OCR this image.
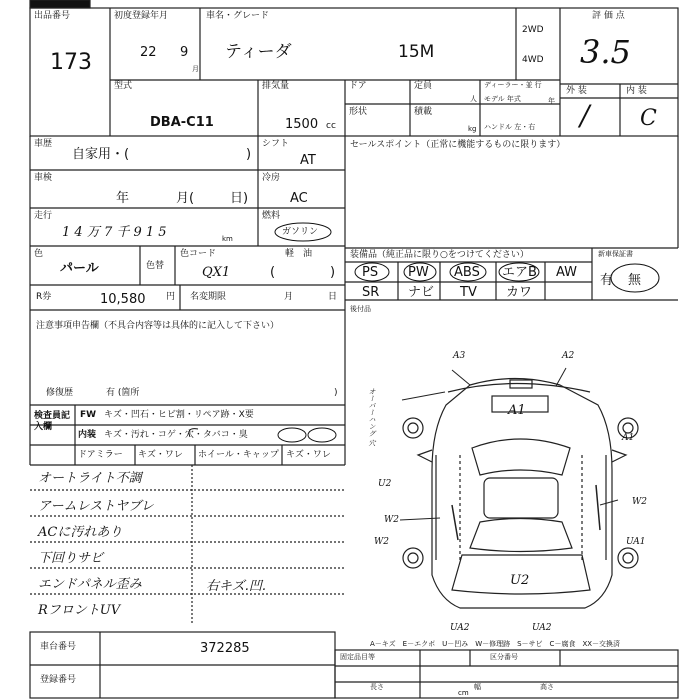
出品番号
173
初度登録年月
22 9
月
車名・グレード
ティーダ	15M
2WD
4WD
評 価 点
3.5
型式
DBA-C11
排気量
1500 cc
ドア	定員
人
ディーラー・並 行
モデル 年式	年
形状	積載
kg ハンドル 左・右
外 装	内 装
/ C
車歴
自家用・(	)
シフト
AT
セールスポイント（正常に機能するものに限ります）
車検
年	月(	日)
冷房
AC
走行
1 4 万 7 千 9 1 5	km
燃料
ガソリン
軽　油
(	)
色
パール	色替
色コード
QX1
装備品（純正品に限り○をつけてください）
PS PW ABS エアB AW
SR ナビ TV カワ
新車保証書
有 無
後付品
R券	10,580 円 名変期限	月	日
注意事項申告欄（不具合内容等は具体的に記入して下さい）
修復歴	有 (箇所	)
検査員記入欄
FW キズ・凹石・ヒビ割・リペア跡・X要
内装 キズ・汚れ・コゲ・穴・タバコ・臭
ドアミラー キズ・ワレ ホイール・キャップ キズ・ワレ
オートライト不調
アームレストヤブレ
ACに汚れあり
下回りサビ
エンドパネル歪み
RフロントUV
右キズ.凹.
A3	A2
A1
A1
オーバーハング 穴
U2
W2
W2
W2
UA1
U2
UA2	UA2
A－キズ　E－エクボ　U－凹み　W－修理跡　S－サビ　C－腐食　XX－交換済
車台番号	372285
登録番号
固定品目等	区分番号
長さ
cm
幅	高さ
